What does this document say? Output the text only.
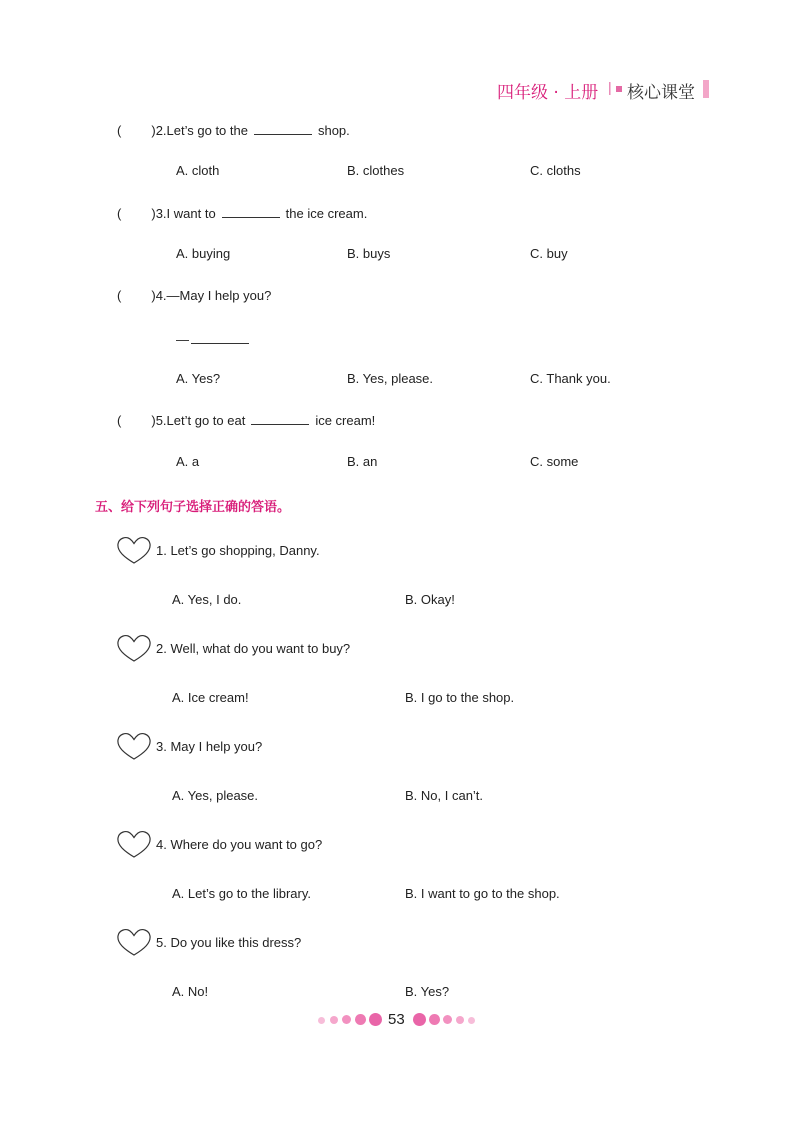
四年级 · 上册 | 核心课堂
( )2.Let’s go to the	shop.
A. cloth	B. clothes	C. cloths
( )3.I want to	the ice cream.
A. buying	B. buys	C. buy
( )4.—May I help you?
—
A. Yes?	B. Yes, please.	C. Thank you.
( )5.Let’t go to eat	ice cream!
A. a	B. an	C. some
五、给下列句子选择正确的答语。
1. Let’s go shopping, Danny.
A. Yes, I do.	B. Okay!
2. Well, what do you want to buy?
A. Ice cream!	B. I go to the shop.
3. May I help you?
A. Yes, please.	B. No, I can’t.
4. Where do you want to go?
A. Let’s go to the library.	B. I want to go to the shop.
5. Do you like this dress?
A. No!	B. Yes?
53
